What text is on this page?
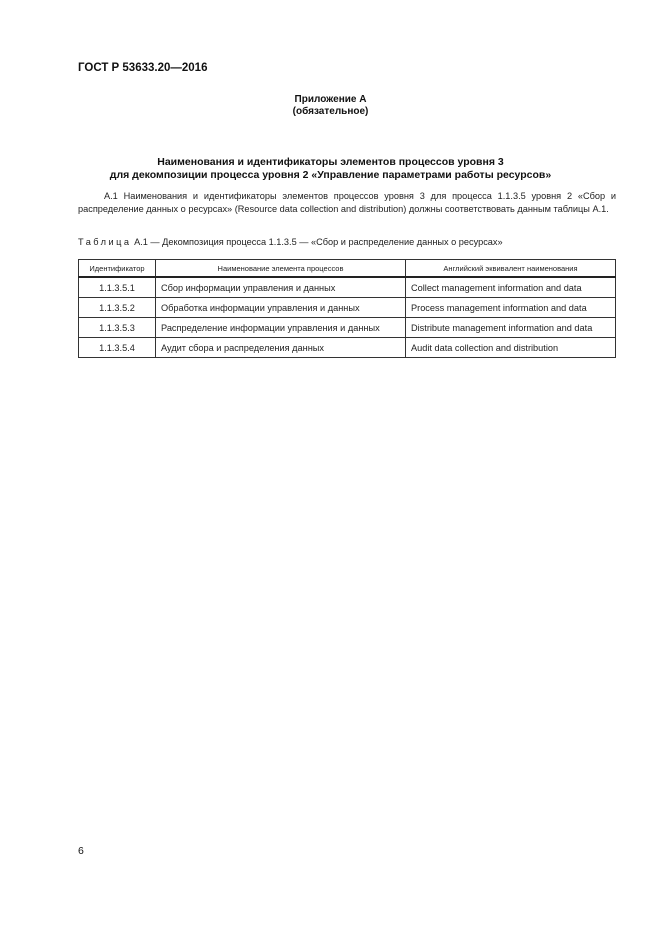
ГОСТ Р 53633.20—2016
Приложение А
(обязательное)
Наименования и идентификаторы элементов процессов уровня 3
для декомпозиции процесса уровня 2 «Управление параметрами работы ресурсов»
А.1 Наименования и идентификаторы элементов процессов уровня 3 для процесса 1.1.3.5 уровня 2 «Сбор и распределение данных о ресурсах» (Resource data collection and distribution) должны соответствовать данным таблицы А.1.
Таблица А.1 — Декомпозиция процесса 1.1.3.5 — «Сбор и распределение данных о ресурсах»
Идентификатор	Наименование элемента процессов	Английский эквивалент наименования
1.1.3.5.1	Сбор информации управления и данных	Collect management information and data
1.1.3.5.2	Обработка информации управления и данных	Process management information and data
1.1.3.5.3	Распределение информации управления и данных	Distribute management information and data
1.1.3.5.4	Аудит сбора и распределения данных	Audit data collection and distribution
6
